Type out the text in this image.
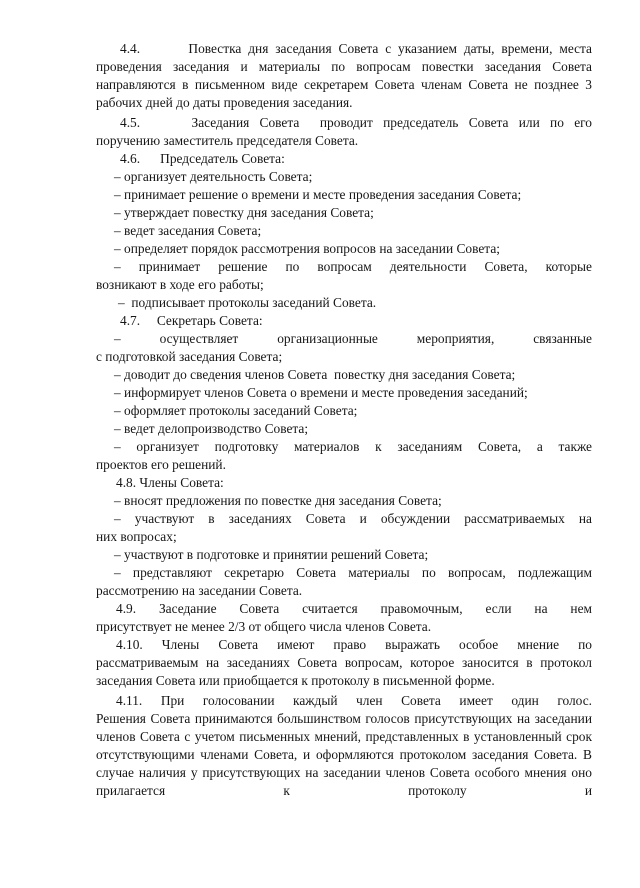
4.4.       Повестка дня заседания Совета с указанием даты, времени, места

проведения заседания и материалы по вопросам повестки заседания Совета направляются в письменном виде секретарем Совета членам Совета не позднее 3 рабочих дней до даты проведения заседания.

4.5.     Заседания Совета  проводит председатель Совета или по его

поручению заместитель председателя Совета.

4.6.      Председатель Совета:

– организует деятельность Совета;

– принимает решение о времени и месте проведения заседания Совета;

– утверждает повестку дня заседания Совета;

– ведет заседания Совета;

– определяет порядок рассмотрения вопросов на заседании Совета;

– принимает решение по вопросам деятельности Совета, которые

возникают в ходе его работы;

–  подписывает протоколы заседаний Совета.

4.7.     Секретарь Совета:

– осуществляет организационные мероприятия, связанные

с подготовкой заседания Совета;

– доводит до сведения членов Совета  повестку дня заседания Совета;

– информирует членов Совета о времени и месте проведения заседаний;

– оформляет протоколы заседаний Совета;

– ведет делопроизводство Совета;

– организует подготовку материалов к заседаниям Совета, а также

проектов его решений.

4.8. Члены Совета:

– вносят предложения по повестке дня заседания Совета;

– участвуют в заседаниях Совета и обсуждении рассматриваемых на

них вопросах;

– участвуют в подготовке и принятии решений Совета;

– представляют секретарю Совета материалы по вопросам, подлежащим

рассмотрению на заседании Совета.

4.9. Заседание Совета считается правомочным, если на нем

присутствует не менее 2/3 от общего числа членов Совета.

4.10. Члены Совета имеют право выражать особое мнение по

рассматриваемым на заседаниях Совета вопросам, которое заносится в протокол заседания Совета или приобщается к протоколу в письменной форме.

4.11. При голосовании каждый член Совета имеет один голос.

Решения Совета принимаются большинством голосов присутствующих на заседании членов Совета с учетом письменных мнений, представленных в установленный срок отсутствующими членами Совета, и оформляются протоколом заседания Совета. В случае наличия у присутствующих на заседании членов Совета особого мнения оно прилагается к протоколу и
